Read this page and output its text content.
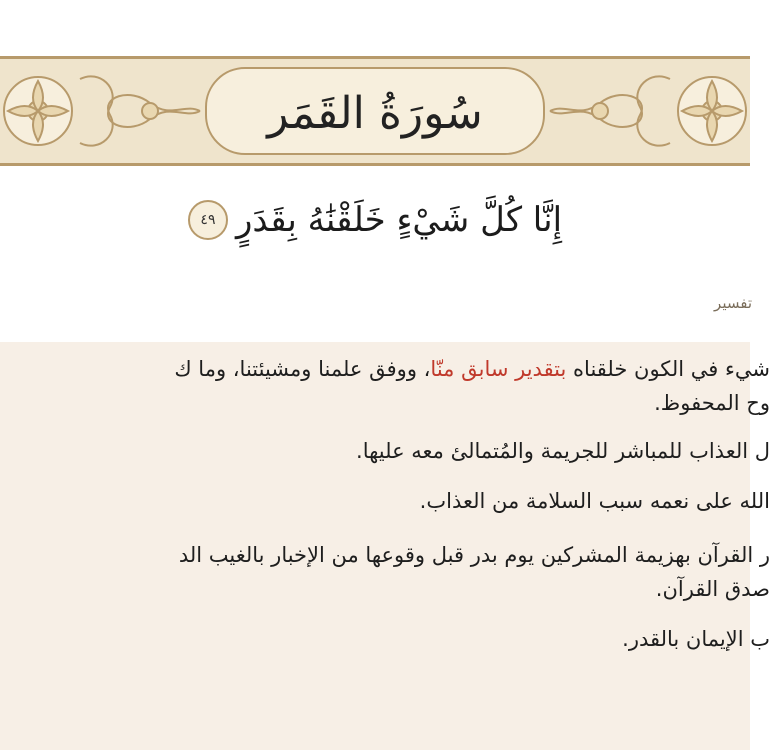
سُورَةُ القَمَر
إِنَّا كُلَّ شَيْءٍ خَلَقْنَٰهُ بِقَدَرٍ
٤٩
تفسير
شيء في الكون خلقناه بتقدير سابق منّا، ووفق علمنا ومشيئتنا، وما ك
وح المحفوظ.
ل العذاب للمباشر للجريمة والمُتمالئ معه عليها.
الله على نعمه سبب السلامة من العذاب.
ر القرآن بهزيمة المشركين يوم بدر قبل وقوعها من الإخبار بالغيب الد
صدق القرآن.
ب الإيمان بالقدر.
